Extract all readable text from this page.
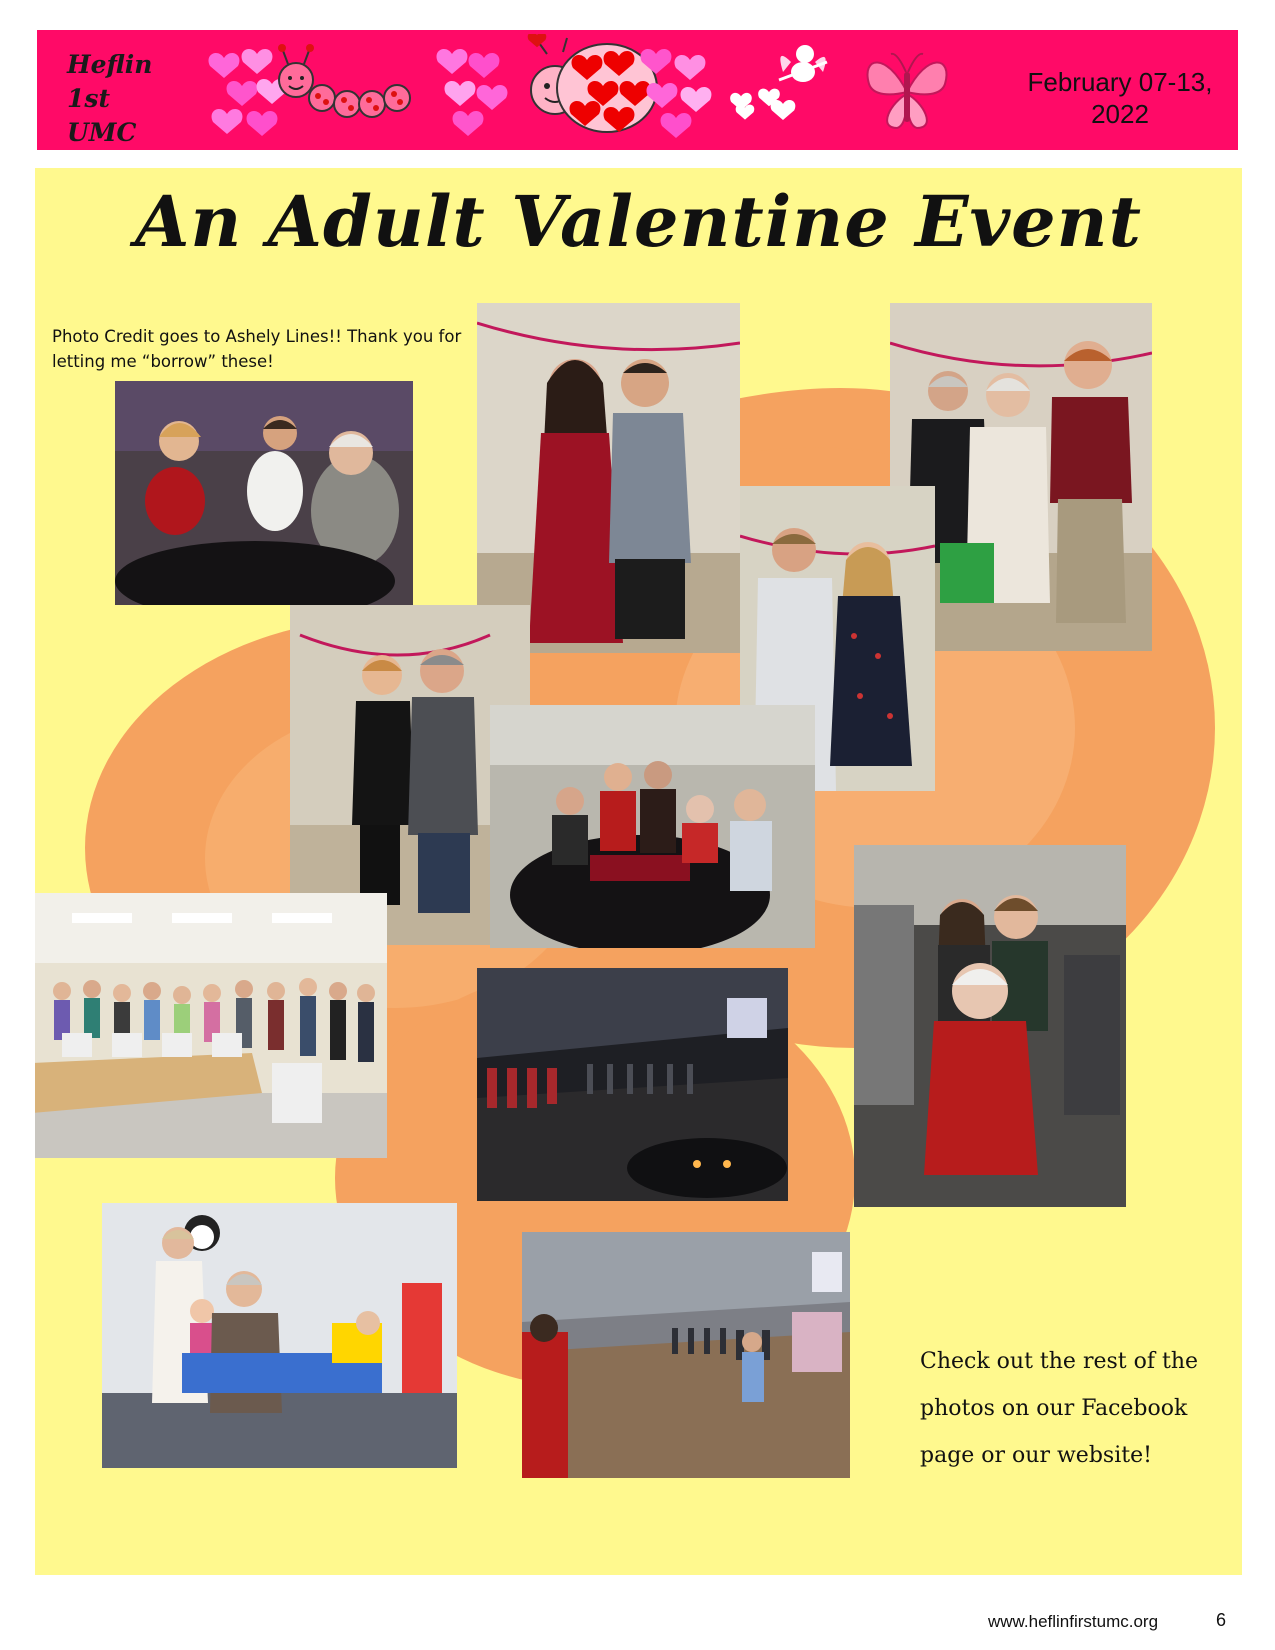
Heflin
1st UMC
February 07-13,
2022
An Adult Valentine Event
Photo Credit goes to Ashely Lines!! Thank you for letting me “borrow” these!
Check out the rest of the
photos on our Facebook
page or our website!
www.heflinfirstumc.org	6
